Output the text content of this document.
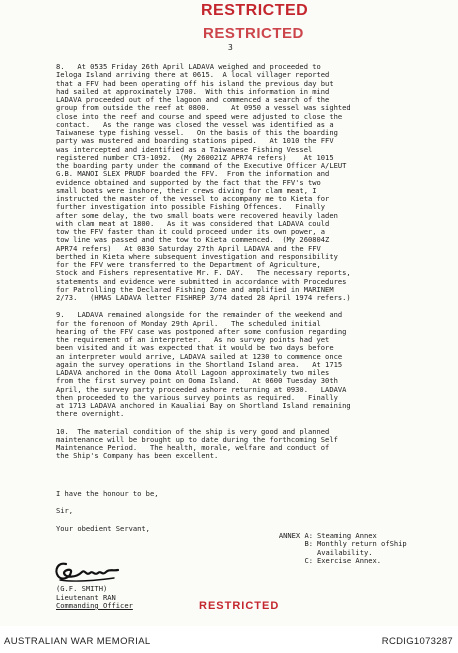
RESTRICTED
RESTRICTED
3
8.   At 0535 Friday 26th April LADAVA weighed and proceeded to
Ieloga Island arriving there at 0615.  A local villager reported
that a FFV had been operating off his island the previous day but
had sailed at approximately 1700.  With this information in mind
LADAVA proceeded out of the lagoon and commenced a search of the
group from outside the reef at 0800.     At 0950 a vessel was sighted
close into the reef and course and speed were adjusted to close the
contact.   As the range was closed the vessel was identified as a
Taiwanese type fishing vessel.   On the basis of this the boarding
party was mustered and boarding stations piped.   At 1010 the FFV
was intercepted and identified as a Taiwanese Fishing Vessel
registered number CT3-1092.  (My 260021Z APR74 refers)    At 1015
the boarding party under the command of the Executive Officer A/LEUT
G.B. MANOI SLEX PRUDF boarded the FFV.  From the information and
evidence obtained and supported by the fact that the FFV's two
small boats were inshore, their crews diving for clam meat, I
instructed the master of the vessel to accompany me to Kieta for
further investigation into possible Fishing Offences.   Finally
after some delay, the two small boats were recovered heavily laden
with clam meat at 1800.   As it was considered that LADAVA could
tow the FFV faster than it could proceed under its own power, a
tow line was passed and the tow to Kieta commenced.  (My 260804Z
APR74 refers)   At 0830 Saturday 27th April LADAVA and the FFV
berthed in Kieta where subsequent investigation and responsibility
for the FFV were transferred to the Department of Agriculture,
Stock and Fishers representative Mr. F. DAY.   The necessary reports,
statements and evidence were submitted in accordance with Procedures
for Patrolling the Declared Fishing Zone and amplified in MARINEM
2/73.   (HMAS LADAVA letter FISHREP 3/74 dated 28 April 1974 refers.)
9.   LADAVA remained alongside for the remainder of the weekend and
for the forenoon of Monday 29th April.   The scheduled initial
hearing of the FFV case was postponed after some confusion regarding
the requirement of an interpreter.   As no survey points had yet
been visited and it was expected that it would be two days before
an interpreter would arrive, LADAVA sailed at 1230 to commence once
again the survey operations in the Shortland Island area.   At 1715
LADAVA anchored in the Ooma Atoll Lagoon approximately two miles
from the first survey point on Ooma Island.   At 0600 Tuesday 30th
April, the survey party proceeded ashore returning at 0930.   LADAVA
then proceeded to the various survey points as required.   Finally
at 1713 LADAVA anchored in Kaualiai Bay on Shortland Island remaining
there overnight.
10.  The material condition of the ship is very good and planned
maintenance will be brought up to date during the forthcoming Self
Maintenance Period.   The health, morale, welfare and conduct of
the Ship's Company has been excellent.
I have the honour to be,
Sir,
Your obedient Servant,
(G.F. SMITH)
Lieutenant RAN
Commanding Officer
ANNEX A: Steaming Annex
B: Monthly return ofShip
Availability.
C: Exercise Annex.
RESTRICTED
AUSTRALIAN WAR MEMORIAL	RCDIG1073287
